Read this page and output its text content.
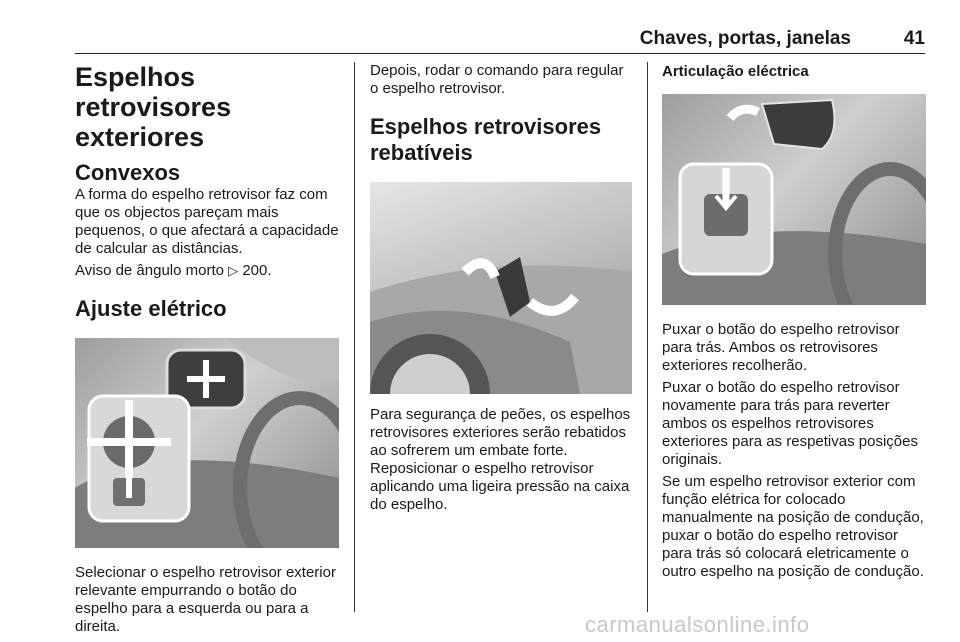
Chaves, portas, janelas	41
Espelhos retrovisores exteriores
Convexos

A forma do espelho retrovisor faz com que os objectos pareçam mais pequenos, o que afectará a capacidade de calcular as distâncias.

Aviso de ângulo morto ▷ 200.

Ajuste elétrico

Selecionar o espelho retrovisor exterior relevante empurrando o botão do espelho para a esquerda ou para a direita.

Depois, rodar o comando para regular o espelho retrovisor.

Espelhos retrovisores rebatíveis

Para segurança de peões, os espelhos retrovisores exteriores serão rebatidos ao sofrerem um embate forte. Reposicionar o espelho retrovisor aplicando uma ligeira pressão na caixa do espelho.

Articulação eléctrica

Puxar o botão do espelho retrovisor para trás. Ambos os retrovisores exteriores recolherão.

Puxar o botão do espelho retrovisor novamente para trás para reverter ambos os espelhos retrovisores exteriores para as respetivas posições originais.

Se um espelho retrovisor exterior com função elétrica for colocado manualmente na posição de condução, puxar o botão do espelho retrovisor para trás só colocará eletricamente o outro espelho na posição de condução.

carmanualsonline.info
